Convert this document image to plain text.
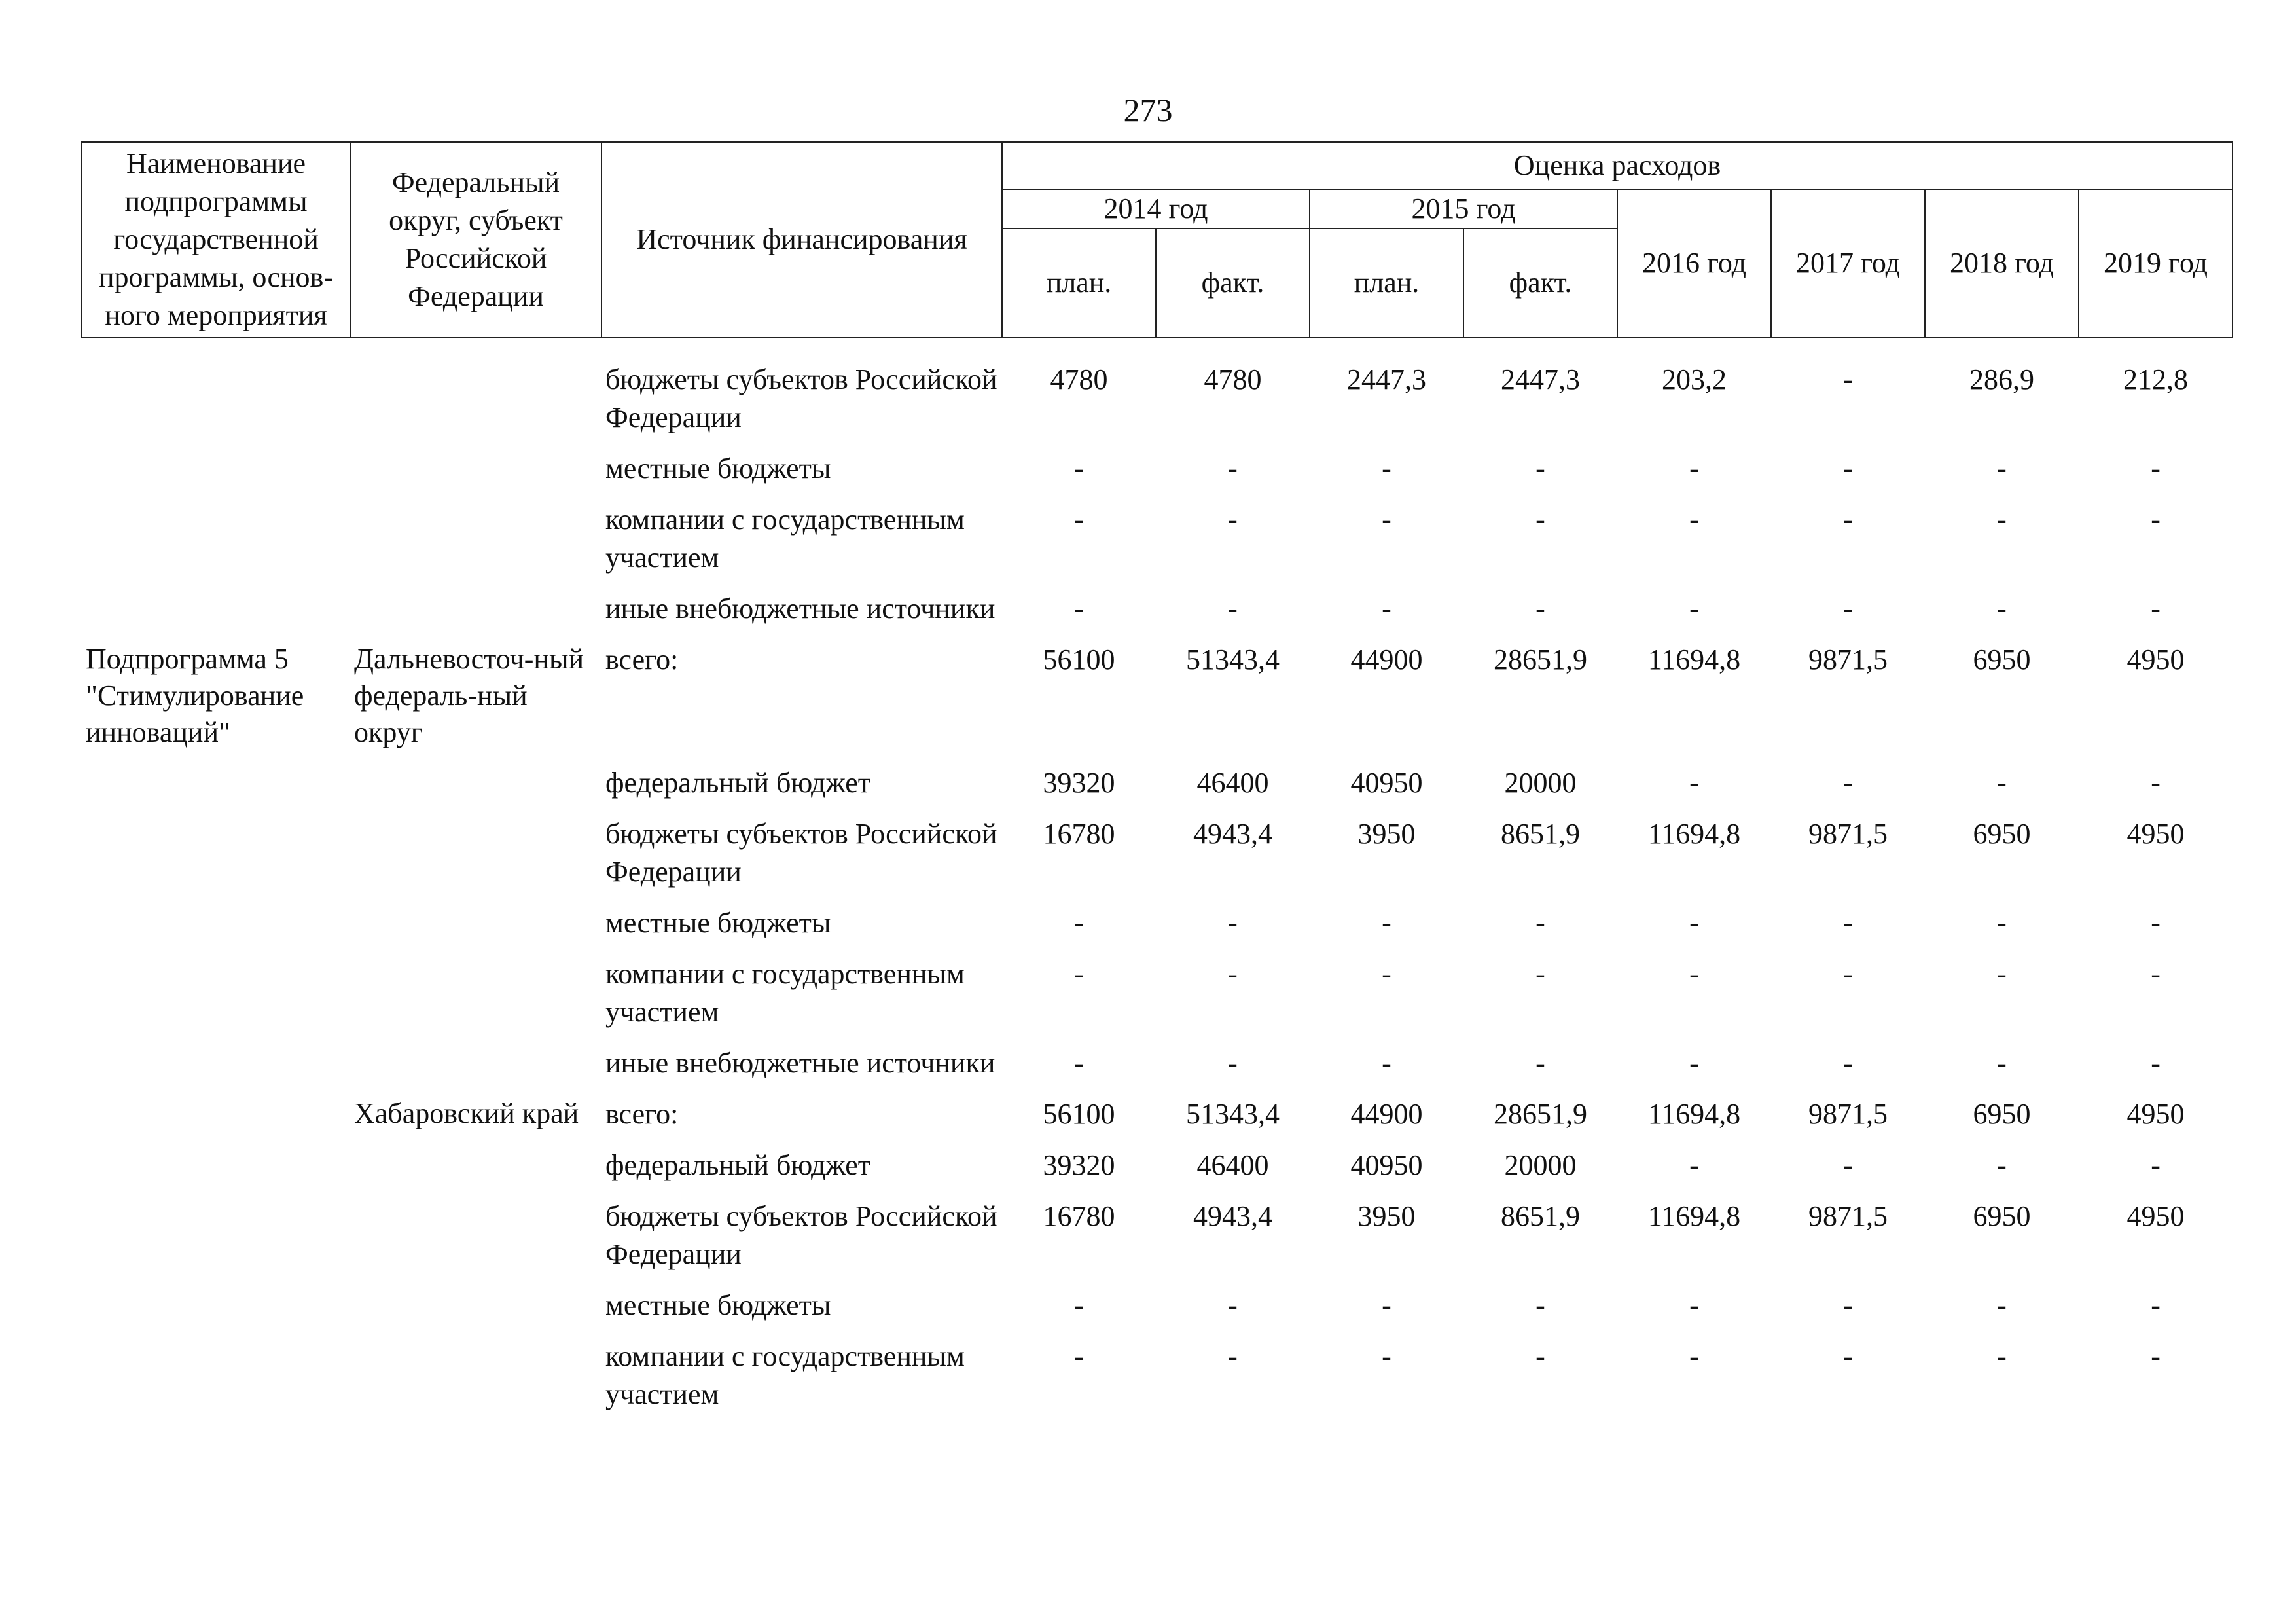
273
Наименование подпрограммы государственной программы, основ-ного мероприятия	Федеральный округ, субъект Российской Федерации	Источник финансирования	Оценка расходов							
			2014 год		2015 год		2016 год	2017 год	2018 год	2019 год
			план.	факт.	план.	факт.				

		бюджеты субъектов Российской Федерации	4780	4780	2447,3	2447,3	203,2	-	286,9	212,8
		местные бюджеты	-	-	-	-	-	-	-	-
		компании с государственным участием	-	-	-	-	-	-	-	-
		иные внебюджетные источники	-	-	-	-	-	-	-	-
Подпрограмма 5 "Стимулирование инноваций"	Дальневосточ-ный федераль-ный округ	всего:	56100	51343,4	44900	28651,9	11694,8	9871,5	6950	4950
		федеральный бюджет	39320	46400	40950	20000	-	-	-	-
		бюджеты субъектов Российской Федерации	16780	4943,4	3950	8651,9	11694,8	9871,5	6950	4950
		местные бюджеты	-	-	-	-	-	-	-	-
		компании с государственным участием	-	-	-	-	-	-	-	-
		иные внебюджетные источники	-	-	-	-	-	-	-	-
	Хабаровский край	всего:	56100	51343,4	44900	28651,9	11694,8	9871,5	6950	4950
		федеральный бюджет	39320	46400	40950	20000	-	-	-	-
		бюджеты субъектов Российской Федерации	16780	4943,4	3950	8651,9	11694,8	9871,5	6950	4950
		местные бюджеты	-	-	-	-	-	-	-	-
		компании с государственным участием	-	-	-	-	-	-	-	-
